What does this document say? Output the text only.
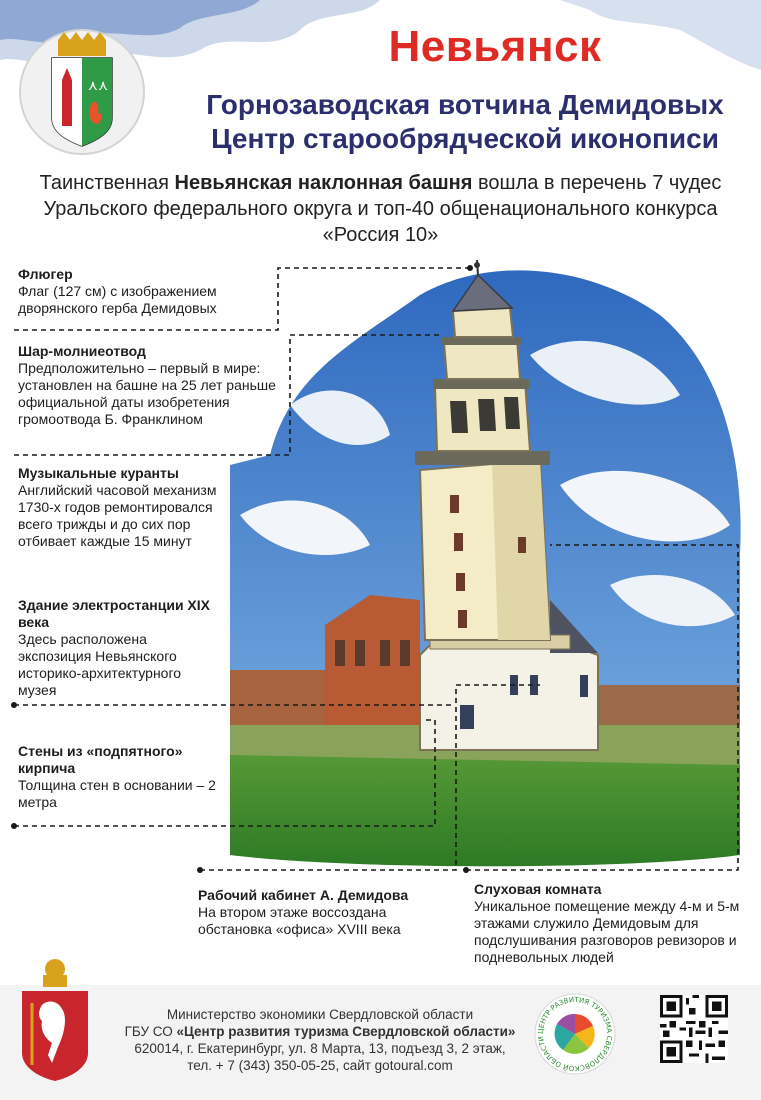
⋏⋏
Невьянск
Горнозаводская вотчина Демидовых
Центр старообрядческой иконописи
Таинственная Невьянская наклонная башня вошла в перечень 7 чудес Уральского федерального округа и топ-40 общенационального конкурса «Россия 10»
Флюгер
Флаг (127 см) с изображением дворянского герба Демидовых
Шар-молниеотвод
Предположительно – первый в мире: установлен на башне на 25 лет раньше официальной даты изобретения громоотвода Б. Франклином
Музыкальные куранты
Английский часовой механизм 1730-х годов ремонтировался всего трижды и до сих пор отбивает каждые 15 минут
Здание электростанции XIX века
Здесь расположена экспозиция Невьянского историко-архитектурного музея
Стены из «подпятного» кирпича
Толщина стен в основании – 2 метра
Рабочий кабинет А. Демидова
На втором этаже воссоздана обстановка «офиса» XVIII века
Слуховая комната
Уникальное помещение между 4-м и 5-м этажами служило Демидовым для подслушивания разговоров ревизоров и подневольных людей
Министерство экономики Свердловской области
ГБУ СО «Центр развития туризма Свердловской области»
620014, г. Екатеринбург, ул. 8 Марта, 13, подъезд 3, 2 этаж,
тел. + 7 (343) 350-05-25, сайт gotoural.com
ЦЕНТР РАЗВИТИЯ ТУРИЗМА СВЕРДЛОВСКОЙ ОБЛАСТИ
